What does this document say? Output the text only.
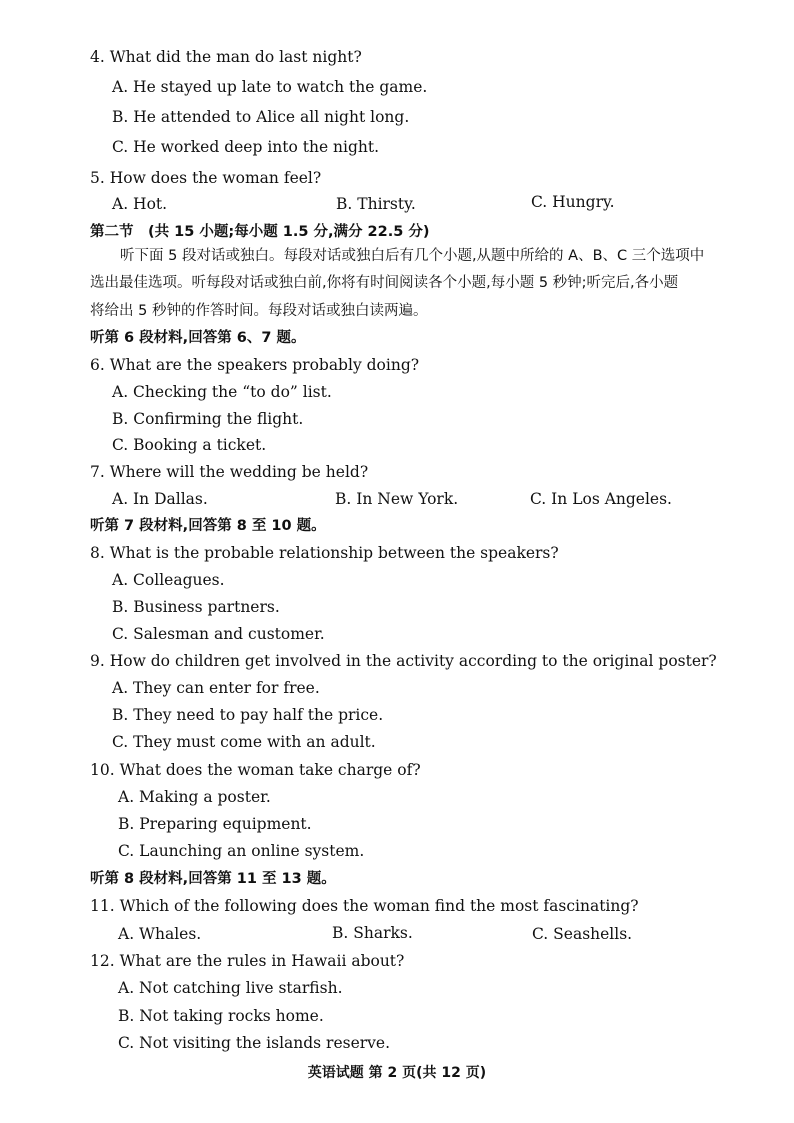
4. What did the man do last night?
A. He stayed up late to watch the game.
B. He attended to Alice all night long.
C. He worked deep into the night.
5. How does the woman feel?
A. Hot.	B. Thirsty.	C. Hungry.
第二节　(共 15 小题;每小题 1.5 分,满分 22.5 分)
听下面 5 段对话或独白。每段对话或独白后有几个小题,从题中所给的 A、B、C 三个选项中
选出最佳选项。听每段对话或独白前,你将有时间阅读各个小题,每小题 5 秒钟;听完后,各小题
将给出 5 秒钟的作答时间。每段对话或独白读两遍。
听第 6 段材料,回答第 6、7 题。
6. What are the speakers probably doing?
A. Checking the “to do” list.
B. Confirming the flight.
C. Booking a ticket.
7. Where will the wedding be held?
A. In Dallas.	B. In New York.	C. In Los Angeles.
听第 7 段材料,回答第 8 至 10 题。
8. What is the probable relationship between the speakers?
A. Colleagues.
B. Business partners.
C. Salesman and customer.
9. How do children get involved in the activity according to the original poster?
A. They can enter for free.
B. They need to pay half the price.
C. They must come with an adult.
10. What does the woman take charge of?
A. Making a poster.
B. Preparing equipment.
C. Launching an online system.
听第 8 段材料,回答第 11 至 13 题。
11. Which of the following does the woman find the most fascinating?
A. Whales.	B. Sharks.	C. Seashells.
12. What are the rules in Hawaii about?
A. Not catching live starfish.
B. Not taking rocks home.
C. Not visiting the islands reserve.
英语试题 第 2 页(共 12 页)
